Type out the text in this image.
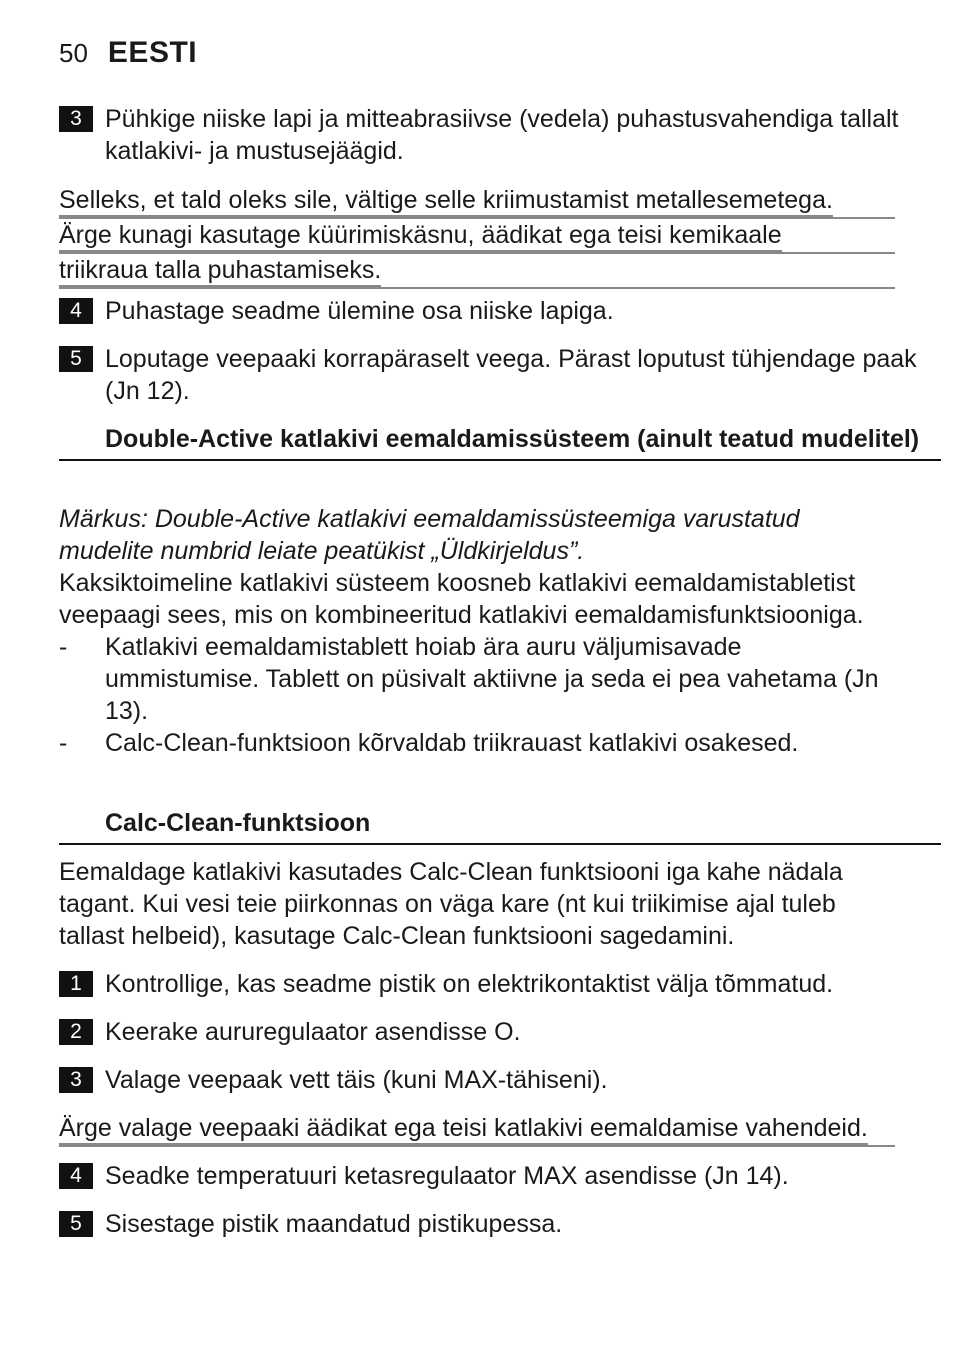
50 EESTI
3 Pühkige niiske lapi ja mitteabrasiivse (vedela) puhastusvahendiga tallalt katlakivi- ja mustusejäägid.
Selleks, et tald oleks sile, vältige selle kriimustamist metallesemetega.
Ärge kunagi kasutage küürimiskäsnu, äädikat ega teisi kemikaale
triikraua talla puhastamiseks.
4 Puhastage seadme ülemine osa niiske lapiga.
5 Loputage veepaaki korrapäraselt veega. Pärast loputust tühjendage paak (Jn 12).
Double-Active katlakivi eemaldamissüsteem (ainult teatud mudelitel)
Märkus: Double-Active katlakivi eemaldamissüsteemiga varustatud mudelite numbrid leiate peatükist „Üldkirjeldus”.
Kaksiktoimeline katlakivi süsteem koosneb katlakivi eemaldamistabletist veepaagi sees, mis on kombineeritud katlakivi eemaldamisfunktsiooniga.
- Katlakivi eemaldamistablett hoiab ära auru väljumisavade ummistumise. Tablett on püsivalt aktiivne ja seda ei pea vahetama (Jn 13).
- Calc-Clean-funktsioon kõrvaldab triikrauast katlakivi osakesed.
Calc-Clean-funktsioon
Eemaldage katlakivi kasutades Calc-Clean funktsiooni iga kahe nädala tagant. Kui vesi teie piirkonnas on väga kare (nt kui triikimise ajal tuleb tallast helbeid), kasutage Calc-Clean funktsiooni sagedamini.
1 Kontrollige, kas seadme pistik on elektrikontaktist välja tõmmatud.
2 Keerake aururegulaator asendisse O.
3 Valage veepaak vett täis (kuni MAX-tähiseni).
Ärge valage veepaaki äädikat ega teisi katlakivi eemaldamise vahendeid.
4 Seadke temperatuuri ketasregulaator MAX asendisse (Jn 14).
5 Sisestage pistik maandatud pistikupessa.
